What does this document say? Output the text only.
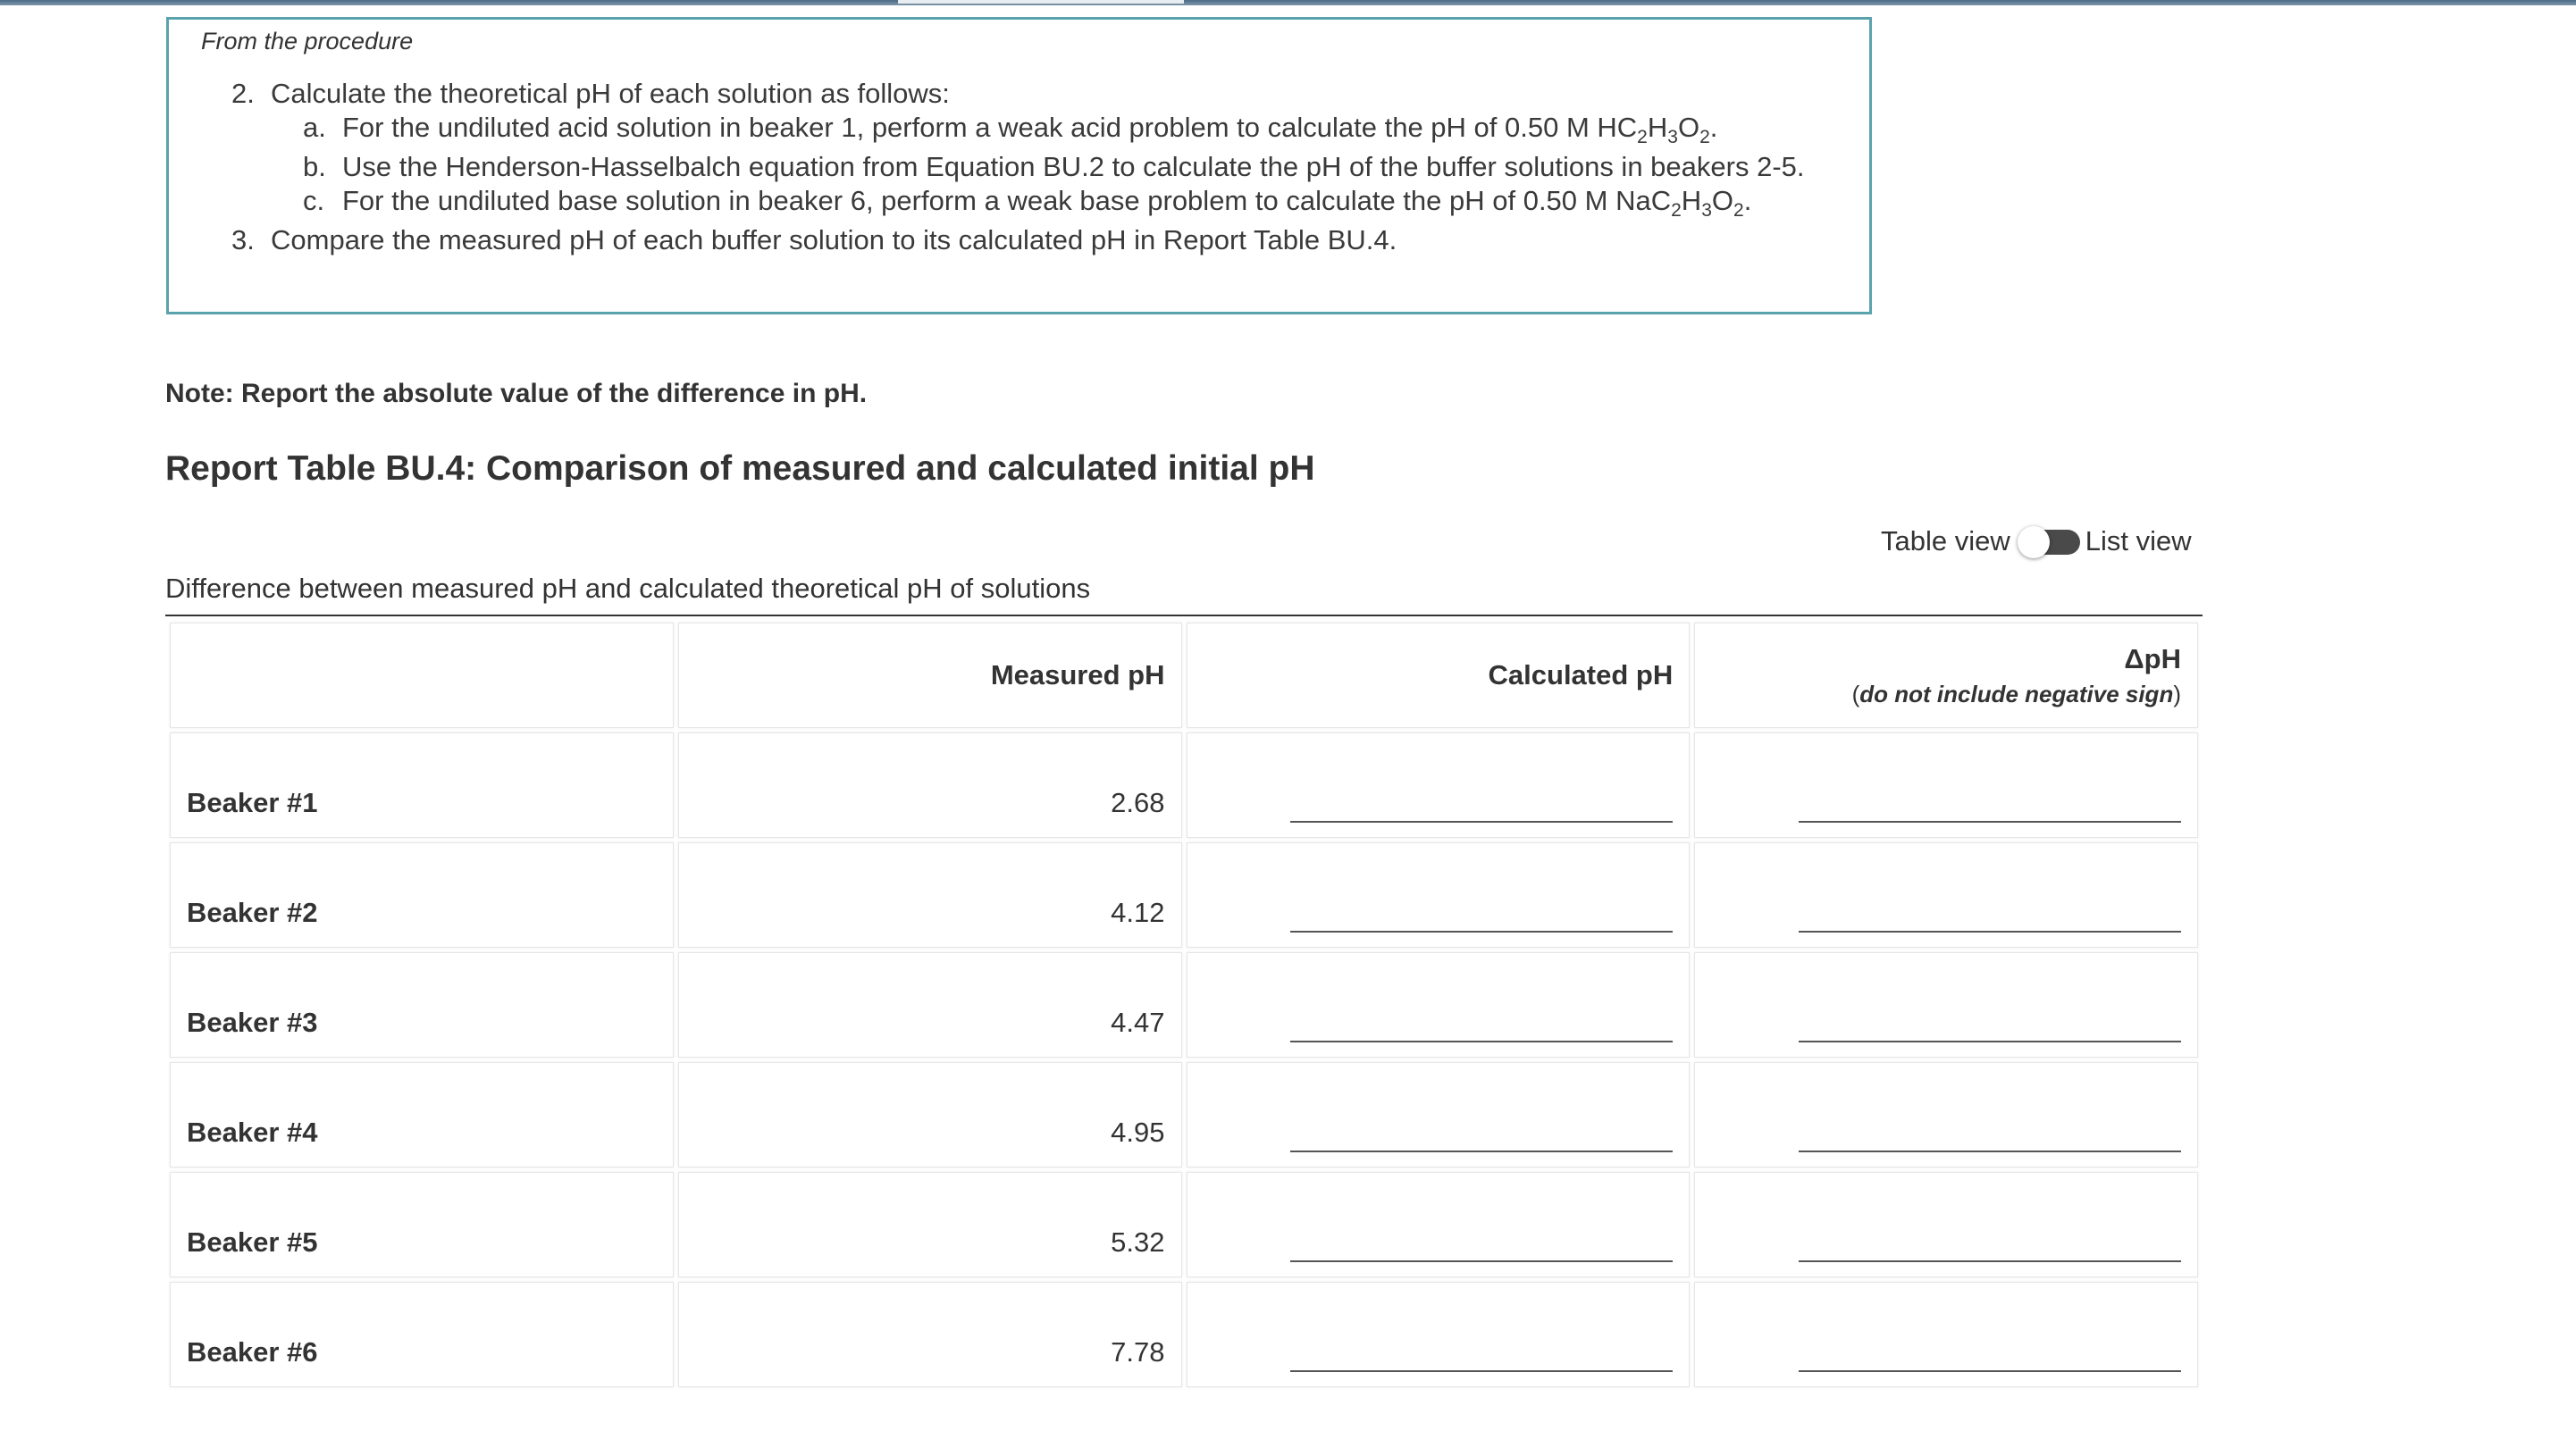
From the procedure
2. Calculate the theoretical pH of each solution as follows:
a. For the undiluted acid solution in beaker 1, perform a weak acid problem to calculate the pH of 0.50 M $HC_2H_3O_2$.
b. Use the Henderson-Hasselbalch equation from Equation BU.2 to calculate the pH of the buffer solutions in beakers 2-5.
c. For the undiluted base solution in beaker 6, perform a weak base problem to calculate the pH of 0.50 M $NaC_2H_3O_2$.
3. Compare the measured pH of each buffer solution to its calculated pH in Report Table BU.4.
Note: Report the absolute value of the difference in pH.
Report Table BU.4: Comparison of measured and calculated initial pH
Table view	List view
Difference between measured pH and calculated theoretical pH of solutions
	Measured pH	Calculated pH	ΔpH
(do not include negative sign)

Beaker #1	2.68	

Beaker #2	4.12	

Beaker #3	4.47	

Beaker #4	4.95	

Beaker #5	5.32	

Beaker #6	7.78	
